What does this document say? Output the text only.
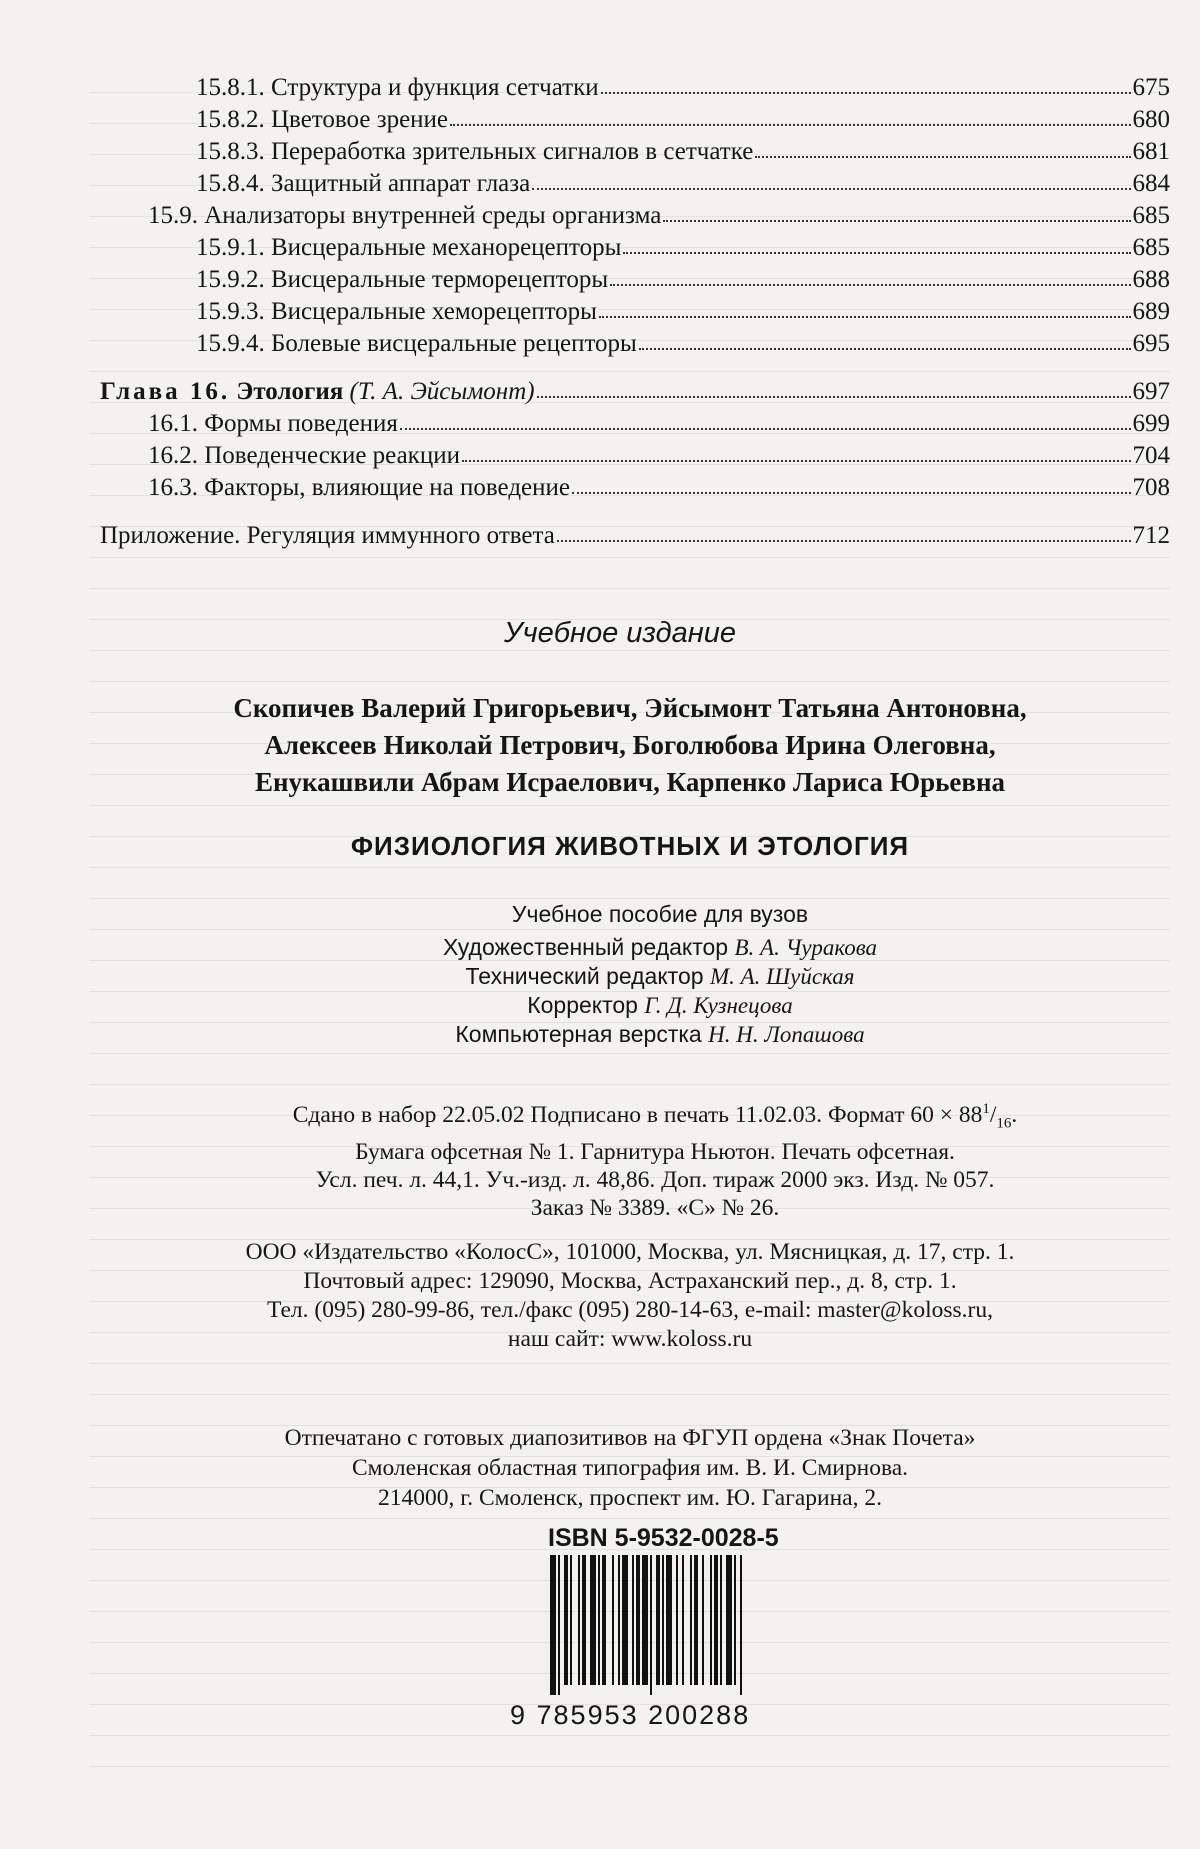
15.8.1. Структура и функция сетчатки	675
15.8.2. Цветовое зрение	680
15.8.3. Переработка зрительных сигналов в сетчатке	681
15.8.4. Защитный аппарат глаза	684
15.9. Анализаторы внутренней среды организма	685
15.9.1. Висцеральные механорецепторы	685
15.9.2. Висцеральные терморецепторы	688
15.9.3. Висцеральные хеморецепторы	689
15.9.4. Болевые висцеральные рецепторы	695
Глава 16. Этология (Т. А. Эйсымонт)	697
16.1. Формы поведения	699
16.2. Поведенческие реакции	704
16.3. Факторы, влияющие на поведение	708
Приложение. Регуляция иммунного ответа	712
Учебное издание
Скопичев Валерий Григорьевич, Эйсымонт Татьяна Антоновна,
Алексеев Николай Петрович, Боголюбова Ирина Олеговна,
Енукашвили Абрам Исраелович, Карпенко Лариса Юрьевна
ФИЗИОЛОГИЯ ЖИВОТНЫХ И ЭТОЛОГИЯ
Учебное пособие для вузов
Художественный редактор В. А. Чуракова
Технический редактор М. А. Шуйская
Корректор Г. Д. Кузнецова
Компьютерная верстка Н. Н. Лопашова
Сдано в набор 22.05.02 Подписано в печать 11.02.03. Формат $60 \times 88^1/_{16}$.
Бумага офсетная № 1. Гарнитура Ньютон. Печать офсетная.
Усл. печ. л. 44,1. Уч.-изд. л. 48,86. Доп. тираж 2000 экз. Изд. № 057.
Заказ № 3389. «С» № 26.
ООО «Издательство «КолосС», 101000, Москва, ул. Мясницкая, д. 17, стр. 1.
Почтовый адрес: 129090, Москва, Астраханский пер., д. 8, стр. 1.
Тел. (095) 280-99-86, тел./факс (095) 280-14-63, e-mail: master@koloss.ru,
наш сайт: www.koloss.ru
Отпечатано с готовых диапозитивов на ФГУП ордена «Знак Почета»
Смоленская областная типография им. В. И. Смирнова.
214000, г. Смоленск, проспект им. Ю. Гагарина, 2.
ISBN 5-9532-0028-5
9 785953 200288
